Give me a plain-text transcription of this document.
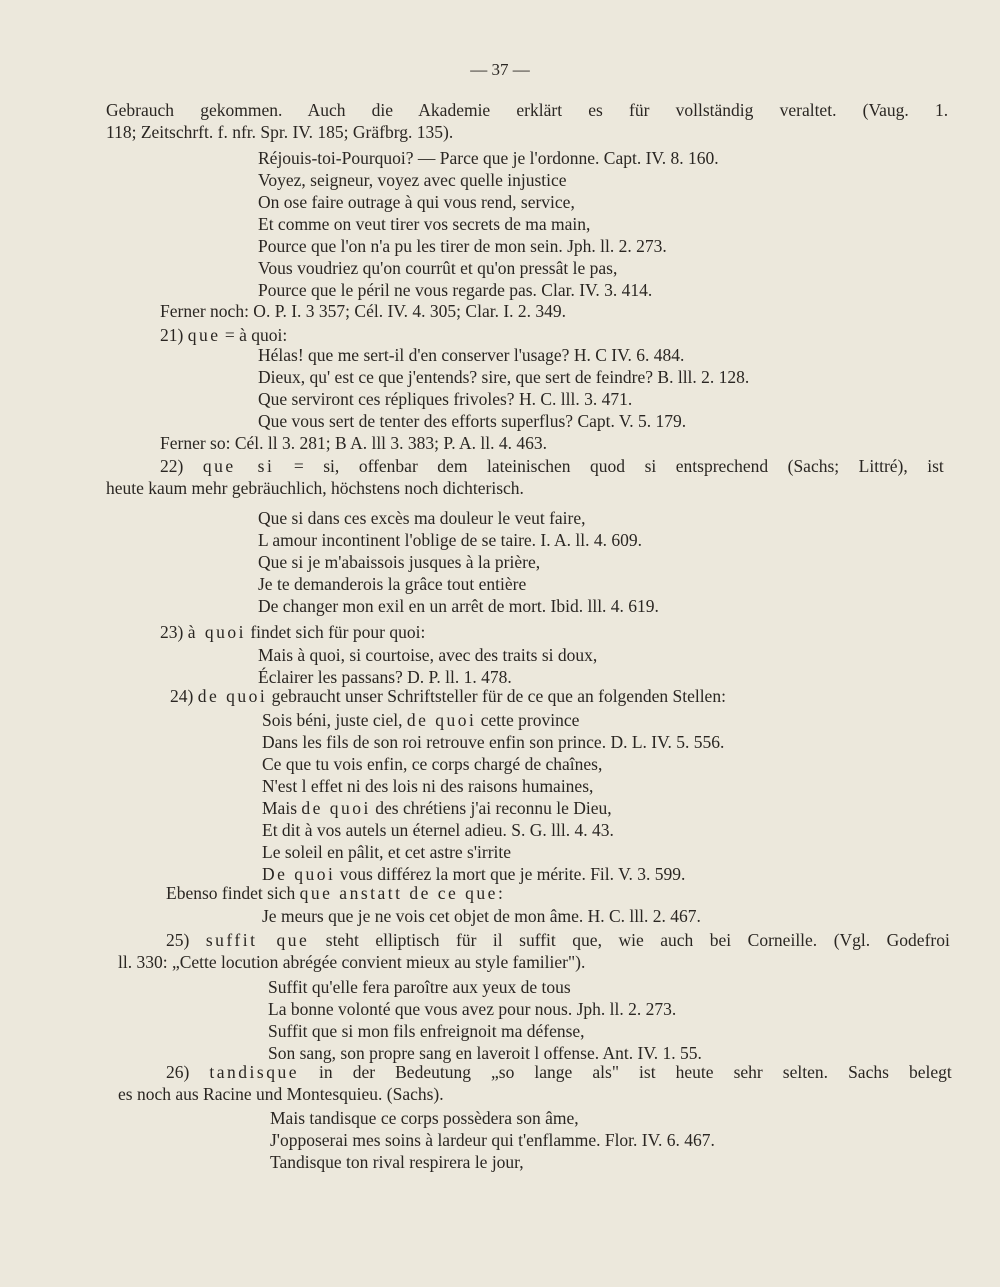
— 37 —
Gebrauch gekommen. Auch die Akademie erklärt es für vollständig veraltet. (Vaug. 1.
118; Zeitschrft. f. nfr. Spr. IV. 185; Gräfbrg. 135).
Réjouis-toi-Pourquoi? — Parce que je l'ordonne. Capt. IV. 8. 160.
Voyez, seigneur, voyez avec quelle injustice
On ose faire outrage à qui vous rend, service,
Et comme on veut tirer vos secrets de ma main,
Pource que l'on n'a pu les tirer de mon sein. Jph. ll. 2. 273.
Vous voudriez qu'on courrût et qu'on pressât le pas,
Pource que le péril ne vous regarde pas. Clar. IV. 3. 414.
Ferner noch: O. P. I. 3 357; Cél. IV. 4. 305; Clar. I. 2. 349.
21) que = à quoi:
Hélas! que me sert-il d'en conserver l'usage? H. C IV. 6. 484.
Dieux, qu' est ce que j'entends? sire, que sert de feindre? B. lll. 2. 128.
Que serviront ces répliques frivoles? H. C. lll. 3. 471.
Que vous sert de tenter des efforts superflus? Capt. V. 5. 179.
Ferner so: Cél. ll 3. 281; B A. lll 3. 383; P. A. ll. 4. 463.
22) que si = si, offenbar dem lateinischen quod si entsprechend (Sachs; Littré), ist
heute kaum mehr gebräuchlich, höchstens noch dichterisch.
Que si dans ces excès ma douleur le veut faire,
L amour incontinent l'oblige de se taire. I. A. ll. 4. 609.
Que si je m'abaissois jusques à la prière,
Je te demanderois la grâce tout entière
De changer mon exil en un arrêt de mort. Ibid. lll. 4. 619.
23) à quoi findet sich für pour quoi:
Mais à quoi, si courtoise, avec des traits si doux,
Éclairer les passans? D. P. ll. 1. 478.
24) de quoi gebraucht unser Schriftsteller für de ce que an folgenden Stellen:
Sois béni, juste ciel, de quoi cette province
Dans les fils de son roi retrouve enfin son prince. D. L. IV. 5. 556.
Ce que tu vois enfin, ce corps chargé de chaînes,
N'est l effet ni des lois ni des raisons humaines,
Mais de quoi des chrétiens j'ai reconnu le Dieu,
Et dit à vos autels un éternel adieu. S. G. lll. 4. 43.
Le soleil en pâlit, et cet astre s'irrite
De quoi vous différez la mort que je mérite. Fil. V. 3. 599.
Ebenso findet sich que anstatt de ce que:
Je meurs que je ne vois cet objet de mon âme. H. C. lll. 2. 467.
25) suffit que steht elliptisch für il suffit que, wie auch bei Corneille. (Vgl. Godefroi
ll. 330: „Cette locution abrégée convient mieux au style familier").
Suffit qu'elle fera paroître aux yeux de tous
La bonne volonté que vous avez pour nous. Jph. ll. 2. 273.
Suffit que si mon fils enfreignoit ma défense,
Son sang, son propre sang en laveroit l offense. Ant. IV. 1. 55.
26) tandisque in der Bedeutung „so lange als" ist heute sehr selten. Sachs belegt
es noch aus Racine und Montesquieu. (Sachs).
Mais tandisque ce corps possèdera son âme,
J'opposerai mes soins à lardeur qui t'enflamme. Flor. IV. 6. 467.
Tandisque ton rival respirera le jour,
